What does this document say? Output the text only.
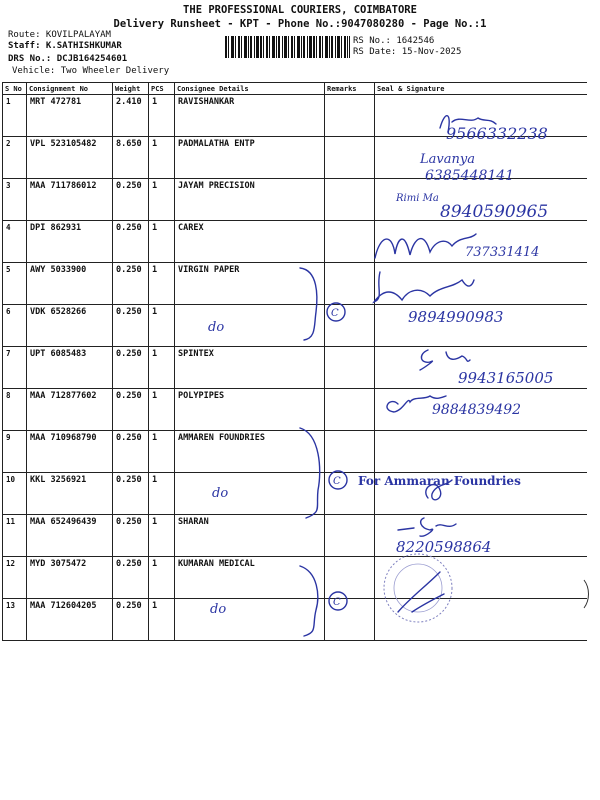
THE PROFESSIONAL COURIERS, COIMBATORE
Delivery Runsheet - KPT - Phone No.:9047080280 - Page No.:1
Route: KOVILPALAYAM
Staff: K.SATHISHKUMAR
DRS No.: DCJB164254601
Vehicle: Two Wheeler Delivery
RS No.: 1642546
RS Date: 15-Nov-2025
S No	Consignment No	Weight	PCS	Consignee Details	Remarks	Seal & Signature
1	MRT 472781	2.410	1	RAVISHANKAR		
2	VPL 523105482	8.650	1	PADMALATHA ENTP		
3	MAA 711786012	0.250	1	JAYAM PRECISION		
4	DPI 862931	0.250	1	CAREX		
5	AWY 5033900	0.250	1	VIRGIN PAPER		
6	VDK 6528266	0.250	1			
7	UPT 6085483	0.250	1	SPINTEX		
8	MAA 712877602	0.250	1	POLYPIPES		
9	MAA 710968790	0.250	1	AMMAREN FOUNDRIES		
10	KKL 3256921	0.250	1			
11	MAA 652496439	0.250	1	SHARAN		
12	MYD 3075472	0.250	1	KUMARAN MEDICAL		
13	MAA 712604205	0.250	1			
9566332238
Lavanya
6385448141
Rimi Ma
8940590965
737331414
9894990983
9943165005
9884839492
C
do
C
do
For Ammaran Foundries
8220598864
C
do
